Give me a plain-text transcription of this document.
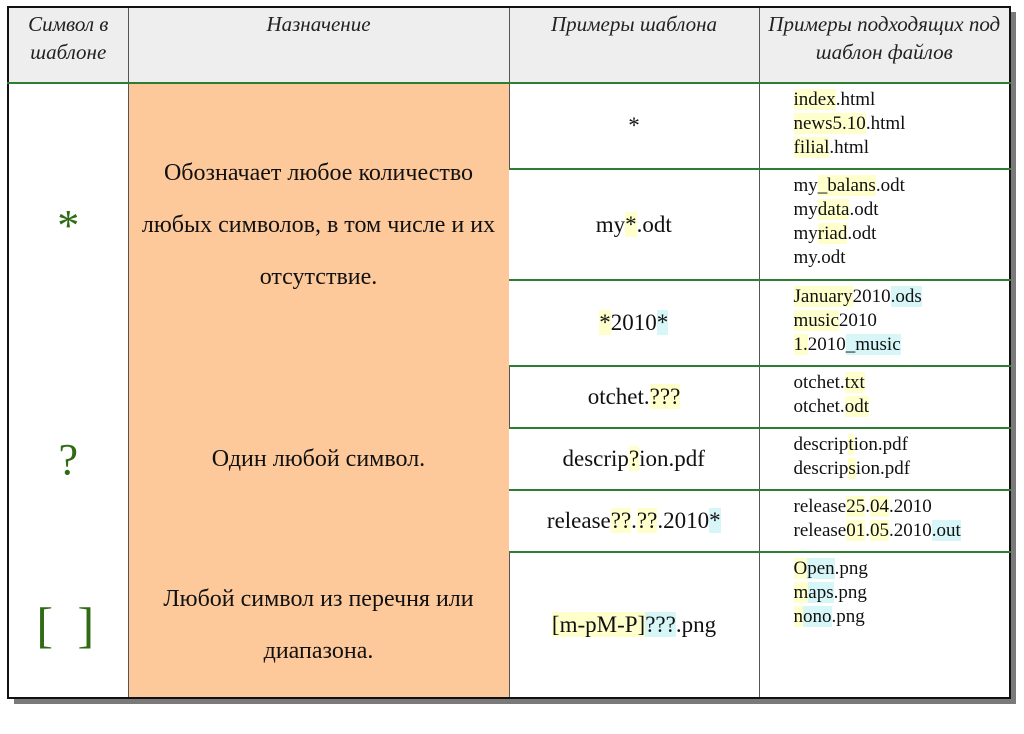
Символ в шаблоне	Назначение	Примеры шаблона	Примеры подходящих под шаблон файлов
*	Обозначает любое количество любых символов, в том числе и их отсутствие.	*	index.html
news5.10.html
filial.html

		my*.odt	my_balans.odt
mydata.odt
myriad.odt
my.odt

		*2010*	January2010.ods
music2010
1.2010_music

?	Один любой символ.	otchet.???	otchet.txt
otchet.odt

		descrip?ion.pdf	description.pdf
descripsion.pdf

		release??.??.2010*	release25.04.2010
release01.05.2010.out

[ ]	Любой символ из перечня или диапазона.	[m-pM-P]???.png	Open.png
maps.png
nono.png
